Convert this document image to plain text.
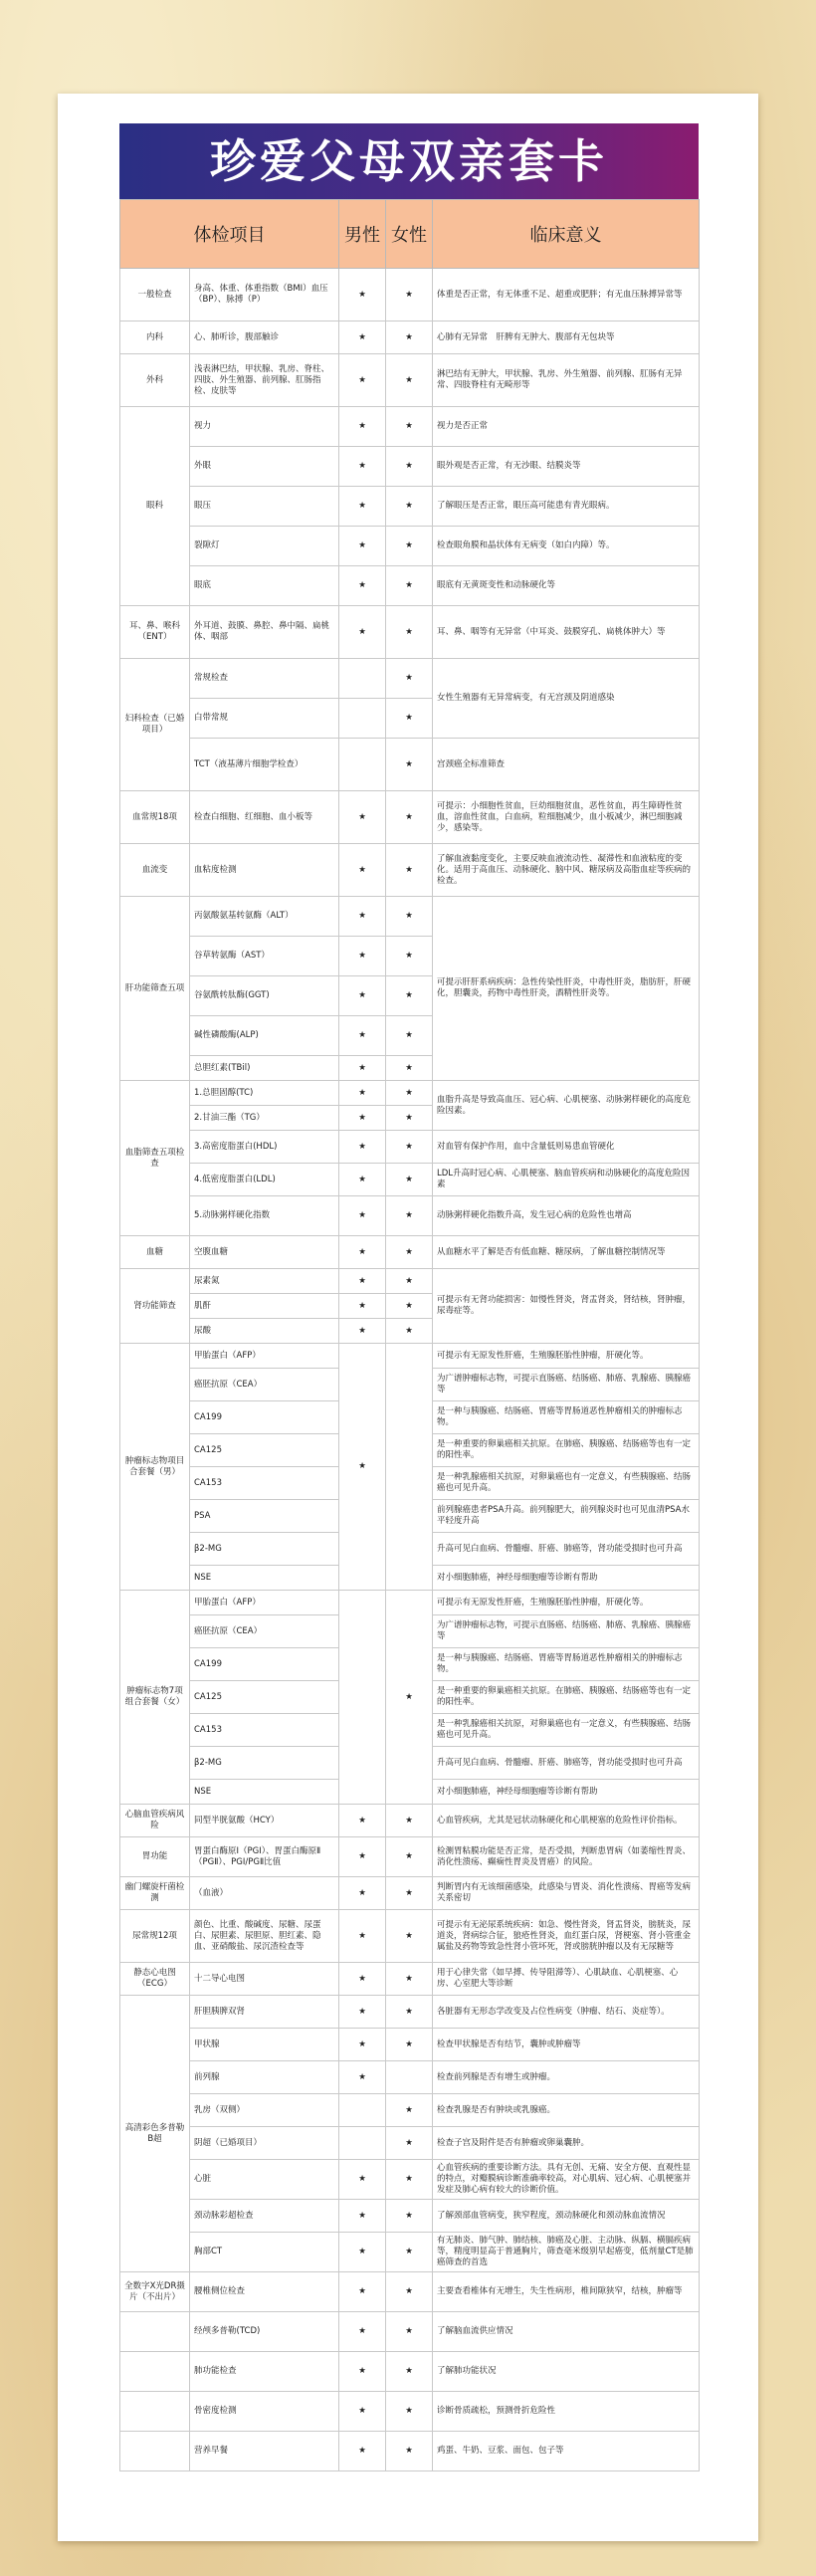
珍爱父母双亲套卡
体检项目		男性	女性	临床意义
一般检查	身高、体重、体重指数（BMI）血压（BP）、脉搏（P）	★	★	体重是否正常，有无体重不足、超重或肥胖；有无血压脉搏异常等
内科	心、肺听诊，腹部触诊	★	★	心肺有无异常　肝脾有无肿大、腹部有无包块等
外科	浅表淋巴结，甲状腺、乳房、脊柱、四肢、外生殖器、前列腺、肛肠指检、皮肤等	★	★	淋巴结有无肿大，甲状腺、乳房、外生殖器、前列腺、肛肠有无异常、四肢脊柱有无畸形等
眼科	视力	★	★	视力是否正常
	外眼	★	★	眼外观是否正常，有无沙眼、结膜炎等
	眼压	★	★	了解眼压是否正常，眼压高可能患有青光眼病。
	裂隙灯	★	★	检查眼角膜和晶状体有无病变（如白内障）等。
	眼底	★	★	眼底有无黄斑变性和动脉硬化等
耳、鼻、喉科（ENT）	外耳道、鼓膜、鼻腔、鼻中隔、扁桃体、咽部	★	★	耳、鼻、咽等有无异常（中耳炎、鼓膜穿孔、扁桃体肿大）等
妇科检查（已婚项目）	常规检查		★	女性生殖器有无异常病变，有无宫颈及阴道感染
	白带常规		★	
	TCT（液基薄片细胞学检查）		★	宫颈癌全标准筛查
血常规18项	检查白细胞、红细胞、血小板等	★	★	可提示：小细胞性贫血，巨幼细胞贫血，恶性贫血，再生障碍性贫血，溶血性贫血，白血病，粒细胞减少，血小板减少，淋巴细胞减少，感染等。
血流变	血粘度检测	★	★	了解血液黏度变化，主要反映血液流动性、凝滞性和血液粘度的变化。适用于高血压、动脉硬化、脑中风、糖尿病及高脂血症等疾病的检查。
肝功能筛查五项	丙氨酸氨基转氨酶（ALT）	★	★	可提示肝肝系病疾病：急性传染性肝炎，中毒性肝炎，脂肪肝，肝硬化，胆囊炎，药物中毒性肝炎，酒精性肝炎等。
	谷草转氨酶（AST）	★	★	
	谷氨酰转肽酶(GGT)	★	★	
	碱性磷酸酶(ALP)	★	★	
	总胆红素(TBil)	★	★	
血脂筛查五项检查	1.总胆固醇(TC)	★	★	血脂升高是导致高血压、冠心病、心肌梗塞、动脉粥样硬化的高度危险因素。
	2.甘油三酯（TG）	★	★	
	3.高密度脂蛋白(HDL)	★	★	对血管有保护作用，血中含量低则易患血管硬化
	4.低密度脂蛋白(LDL)	★	★	LDL升高时冠心病、心肌梗塞、脑血管疾病和动脉硬化的高度危险因素
	5.动脉粥样硬化指数	★	★	动脉粥样硬化指数升高，发生冠心病的危险性也增高
血糖	空腹血糖	★	★	从血糖水平了解是否有低血糖、糖尿病，了解血糖控制情况等
肾功能筛查	尿素氮	★	★	可提示有无肾功能损害：如慢性肾炎，肾盂肾炎，肾结核，肾肿瘤，尿毒症等。
	肌酐	★	★	
	尿酸	★	★	
肿瘤标志物项目合套餐（男）	甲胎蛋白（AFP）	★		可提示有无原发性肝癌，生殖腺胚胎性肿瘤，肝硬化等。
	癌胚抗原（CEA）			为广谱肿瘤标志物，可提示直肠癌、结肠癌、肺癌、乳腺癌、胰腺癌等
	CA199			是一种与胰腺癌、结肠癌、胃癌等胃肠道恶性肿瘤相关的肿瘤标志物。
	CA125			是一种重要的卵巢癌相关抗原。在肺癌、胰腺癌、结肠癌等也有一定的阳性率。
	CA153			是一种乳腺癌相关抗原，对卵巢癌也有一定意义，有些胰腺癌、结肠癌也可见升高。
	PSA			前列腺癌患者PSA升高。前列腺肥大，前列腺炎时也可见血清PSA水平轻度升高
	β2-MG			升高可见白血病、骨髓瘤、肝癌、肺癌等，肾功能受损时也可升高
	NSE			对小细胞肺癌，神经母细胞瘤等诊断有帮助
肿瘤标志物7项组合套餐（女）	甲胎蛋白（AFP）		★	可提示有无原发性肝癌，生殖腺胚胎性肿瘤，肝硬化等。
	癌胚抗原（CEA）			为广谱肿瘤标志物，可提示直肠癌、结肠癌、肺癌、乳腺癌、胰腺癌等
	CA199			是一种与胰腺癌、结肠癌、胃癌等胃肠道恶性肿瘤相关的肿瘤标志物。
	CA125			是一种重要的卵巢癌相关抗原。在肺癌、胰腺癌、结肠癌等也有一定的阳性率。
	CA153			是一种乳腺癌相关抗原，对卵巢癌也有一定意义，有些胰腺癌、结肠癌也可见升高。
	β2-MG			升高可见白血病、骨髓瘤、肝癌、肺癌等，肾功能受损时也可升高
	NSE			对小细胞肺癌，神经母细胞瘤等诊断有帮助
心脑血管疾病风险	同型半胱氨酸（HCY）	★	★	心血管疾病，尤其是冠状动脉硬化和心肌梗塞的危险性评价指标。
胃功能	胃蛋白酶原Ⅰ（PGⅠ）、胃蛋白酶原Ⅱ（PGⅡ）、PGⅠ/PGⅡ比值	★	★	检测胃粘膜功能是否正常，是否受损，判断患胃病（如萎缩性胃炎、消化性溃疡、癫痫性胃炎及胃癌）的风险。
幽门螺旋杆菌检测	（血液）	★	★	判断胃内有无该细菌感染，此感染与胃炎、消化性溃疡、胃癌等发病关系密切
尿常规12项	颜色、比重、酸碱度、尿糖、尿蛋白、尿胆素、尿胆原、胆红素、隐血、亚硝酸盐、尿沉渣检查等	★	★	可提示有无泌尿系统疾病：如急、慢性肾炎，肾盂肾炎，膀胱炎，尿道炎，肾病综合征，狼疮性肾炎，血红蛋白尿，肾梗塞、肾小管重金属盐及药物等致急性肾小管坏死，肾或膀胱肿瘤以及有无尿糖等
静态心电图（ECG）	十二导心电图	★	★	用于心律失常（如早搏、传导阻滞等）、心肌缺血、心肌梗塞、心房、心室肥大等诊断
高清彩色多普勒B超	肝胆胰脾双肾	★	★	各脏器有无形态学改变及占位性病变（肿瘤、结石、炎症等）。
	甲状腺	★	★	检查甲状腺是否有结节，囊肿或肿瘤等
	前列腺	★		检查前列腺是否有增生或肿瘤。
	乳房（双侧）		★	检查乳腺是否有肿块或乳腺癌。
	阴超（已婚项目）		★	检查子宫及附件是否有肿瘤或卵巢囊肿。
	心脏	★	★	心血管疾病的重要诊断方法。具有无创、无痛、安全方便、直观性显的特点，对瓣膜病诊断准确率较高，对心肌病、冠心病、心肌梗塞并发症及肺心病有较大的诊断价值。
	颈动脉彩超检查	★	★	了解颈部血管病变，狭窄程度，颈动脉硬化和颈动脉血流情况
	胸部CT	★	★	有无肺炎、肺气肿、肺结核、肺癌及心脏、主动脉、纵膈、横膈疾病等，精度明显高于普通胸片，筛查毫米级别早起癌变，低剂量CT是肺癌筛查的首选
全数字X光DR摄片（不出片）	腰椎侧位检查	★	★	主要查看椎体有无增生，失生性病形，椎间隙狭窄，结核，肿瘤等
	经颅多普勒(TCD)	★	★	了解脑血流供应情况
	肺功能检查	★	★	了解肺功能状况
	骨密度检测	★	★	诊断骨质疏松，预测骨折危险性
	营养早餐	★	★	鸡蛋、牛奶、豆浆、面包、包子等
